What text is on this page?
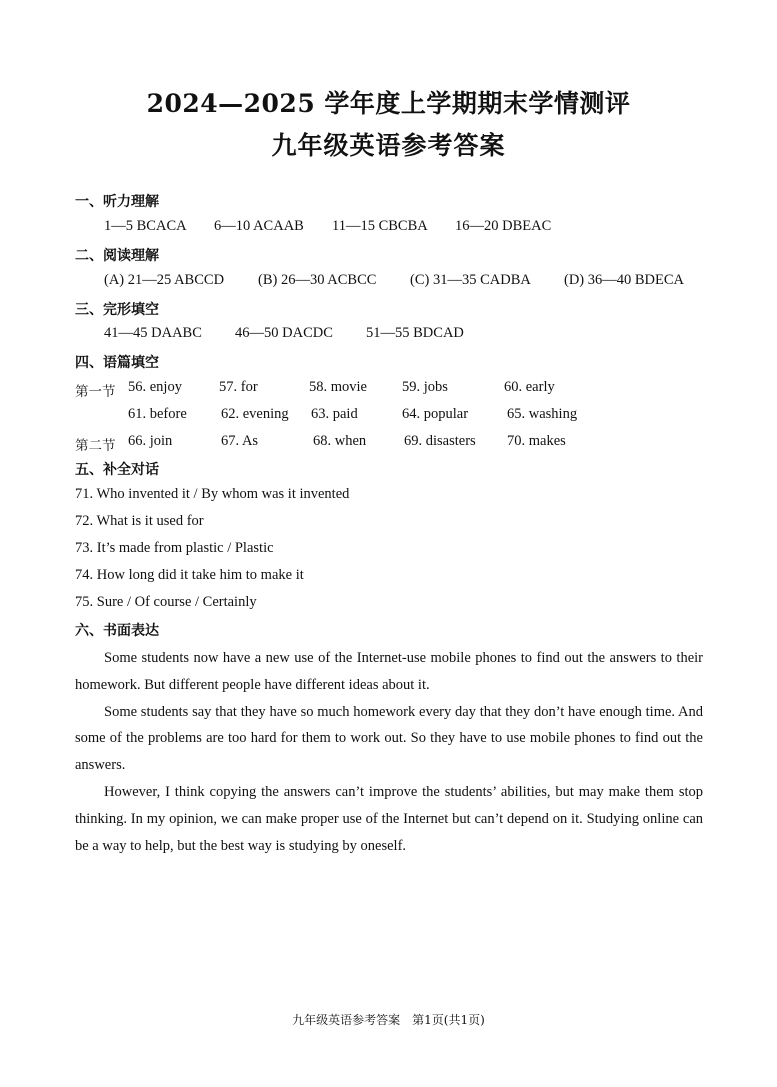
2024—2025 学年度上学期期末学情测评
九年级英语参考答案
一、听力理解
1—5 BCACA 6—10 ACAAB 11—15 CBCBA 16—20 DBEAC
二、阅读理解
(A) 21—25 ABCCD (B) 26—30 ACBCC (C) 31—35 CADBA (D) 36—40 BDECA
三、完形填空
41—45 DAABC 46—50 DACDC 51—55 BDCAD
四、语篇填空
第一节 56. enjoy	57. for	58. movie 59. jobs	60. early
61. before 62. evening 63. paid	64. popular	65. washing
第二节 66. join	67. As	68. when	69. disasters 70. makes
五、补全对话
71. Who invented it / By whom was it invented
72. What is it used for
73. It’s made from plastic / Plastic
74. How long did it take him to make it
75. Sure / Of course / Certainly
六、书面表达

Some students now have a new use of the Internet-use mobile phones to find out the answers to their homework. But different people have different ideas about it.

Some students say that they have so much homework every day that they don’t have enough time. And some of the problems are too hard for them to work out. So they have to use mobile phones to find out the answers.

However, I think copying the answers can’t improve the students’ abilities, but may make them stop thinking. In my opinion, we can make proper use of the Internet but can’t depend on it. Studying online can be a way to help, but the best way is studying by oneself.

九年级英语参考答案　第1页(共1页)
